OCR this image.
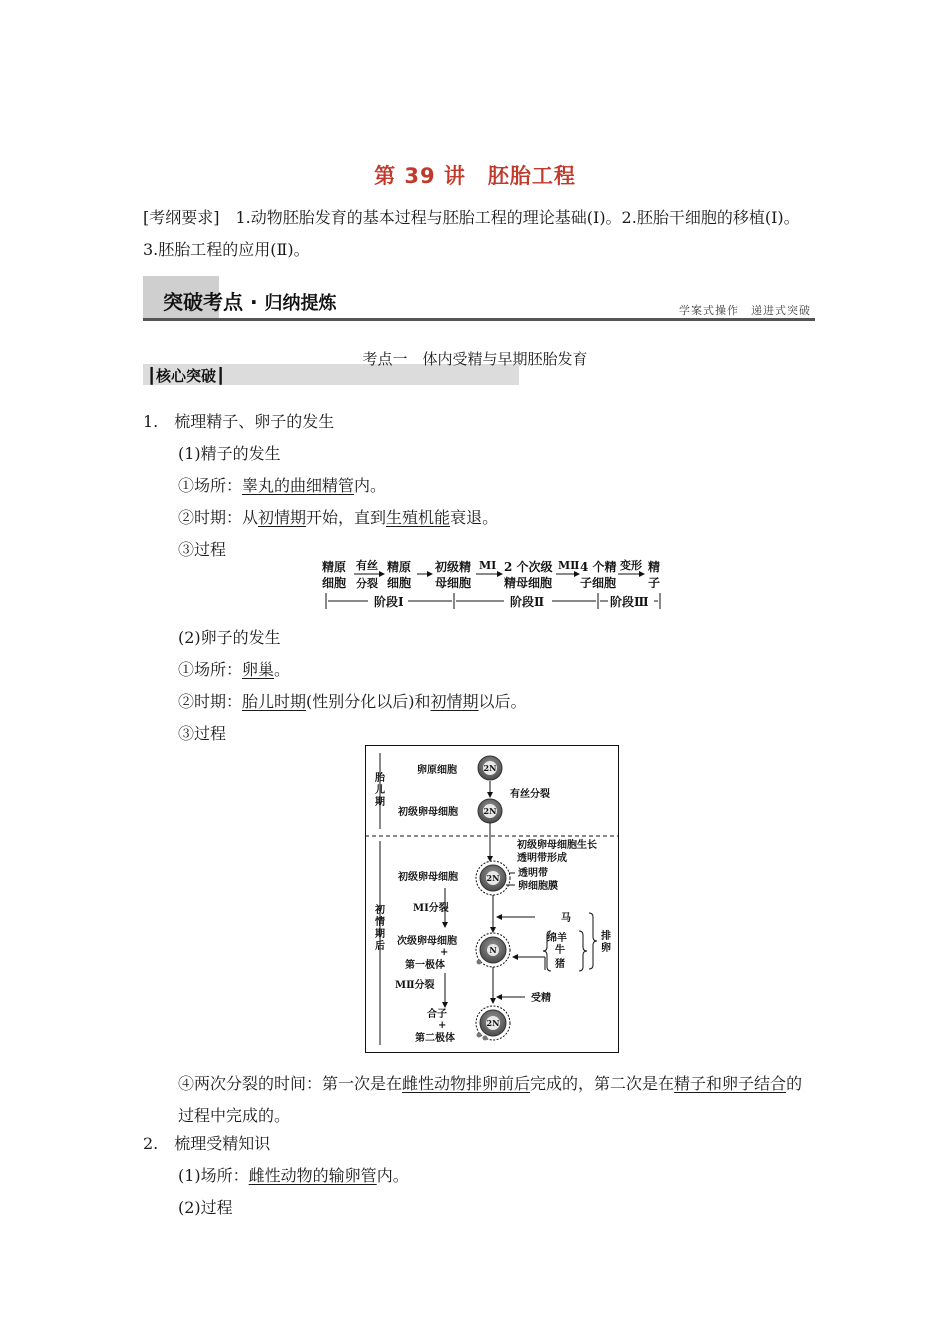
第 39 讲　胚胎工程
[考纲要求]　1.动物胚胎发育的基本过程与胚胎工程的理论基础(Ⅰ)。2.胚胎干细胞的移植(Ⅰ)。3.胚胎工程的应用(Ⅱ)。
突破考点 · 归纳提炼	学案式操作　递进式突破
┃核心突破┃
考点一　体内受精与早期胚胎发育
1.　梳理精子、卵子的发生
(1)精子的发生
①场所：睾丸的曲细精管内。
②时期：从初情期开始，直到生殖机能衰退。
③过程
精原
细胞
有丝
分裂
精原
细胞
初级精
母细胞
MⅠ 2 个次级
精母细胞
MⅡ 4 个精
子细胞
变形 精
子
阶段Ⅰ	阶段Ⅱ	阶段Ⅲ
(2)卵子的发生
①场所：卵巢。
②时期：胎儿时期(性别分化以后)和初情期以后。
③过程
胎
儿
期
初
情
期
后
卵原细胞	2N
有丝分裂
初级卵母细胞	2N
初级卵母细胞生长
透明带形成
初级卵母细胞	2N 透明带
卵细胞膜
MⅠ分裂
马
绵羊
牛
猪
排
卵
次级卵母细胞
+
第一极体
N
MⅡ分裂
受精
合子
+
第二极体
2N
④两次分裂的时间：第一次是在雌性动物排卵前后完成的，第二次是在精子和卵子结合的过程中完成的。
2.　梳理受精知识
(1)场所：雌性动物的输卵管内。
(2)过程
